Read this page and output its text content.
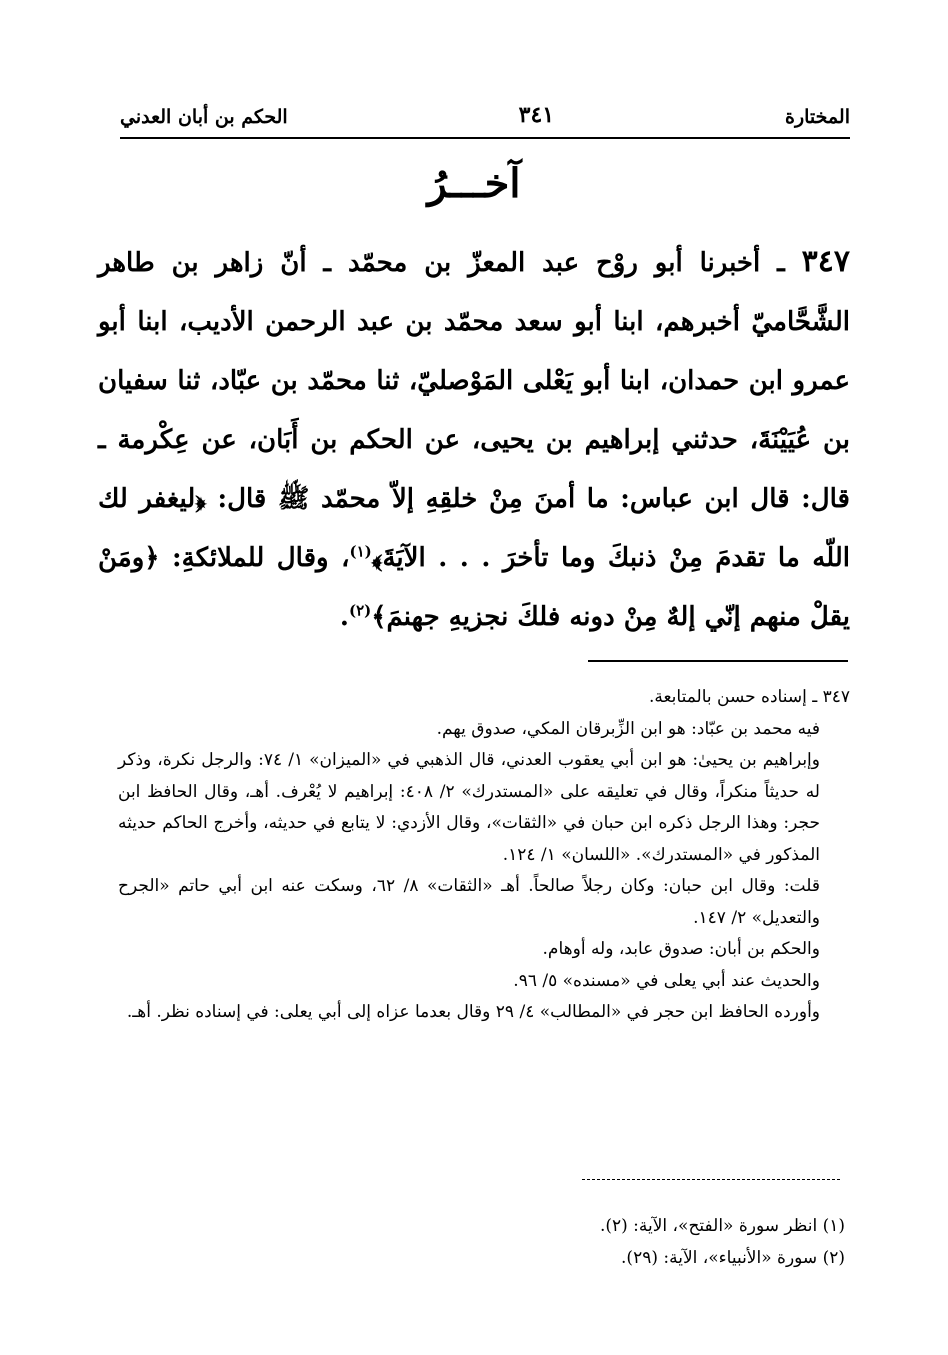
المختارة
٣٤١
الحكم بن أبان العدني
آخـــرُ
٣٤٧ ـ أخبرنا أبو روْح عبد المعزّ بن محمّد ـ أنّ زاهر بن طاهر الشَّحَّاميّ أخبرهم، ابنا أبو سعد محمّد بن عبد الرحمن الأديب، ابنا أبو عمرو ابن حمدان، ابنا أبو يَعْلى المَوْصليّ، ثنا محمّد بن عبّاد، ثنا سفيان بن عُيَيْنَةَ، حدثني إبراهيم بن يحيى، عن الحكم بن أَبَان، عن عِكْرمة ـ قال: قال ابن عباس: ما أمنَ مِنْ خلقِهِ إلاّ محمّد ﷺ قال: ﴿ليغفر لك اللّه ما تقدمَ مِنْ ذنبكَ وما تأخرَ . . . الآيَةَ﴾$^{(١)}$، وقال للملائكةِ: ﴿ومَنْ يقلْ منهم إنّي إلهٌ مِنْ دونه فلكَ نجزيهِ جهنمَ﴾$^{(٢)}$.

٣٤٧ ـ إسناده حسن بالمتابعة.

فيه محمد بن عبّاد: هو ابن الزِّبرقان المكي، صدوق يهم.

وإبراهيم بن يحيىٰ: هو ابن أبي يعقوب العدني، قال الذهبي في «الميزان» ١/ ٧٤: والرجل نكرة، وذكر له حديثاً منكراً، وقال في تعليقه على «المستدرك» ٢/ ٤٠٨: إبراهيم لا يُعْرف. أهـ، وقال الحافظ ابن حجر: وهذا الرجل ذكره ابن حبان في «الثقات»، وقال الأزدي: لا يتابع في حديثه، وأخرج الحاكم حديثه المذكور في «المستدرك». «اللسان» ١/ ١٢٤.

قلت: وقال ابن حبان: وكان رجلاً صالحاً. أهـ «الثقات» ٨/ ٦٢، وسكت عنه ابن أبي حاتم «الجرح والتعديل» ٢/ ١٤٧.

والحكم بن أبان: صدوق عابد، وله أوهام.

والحديث عند أبي يعلى في «مسنده» ٥/ ٩٦.

وأورده الحافظ ابن حجر في «المطالب» ٤/ ٢٩ وقال بعدما عزاه إلى أبي يعلى: في إسناده نظر. أهـ.

(١) انظر سورة «الفتح»، الآية: (٢).
(٢) سورة «الأنبياء»، الآية: (٢٩).
